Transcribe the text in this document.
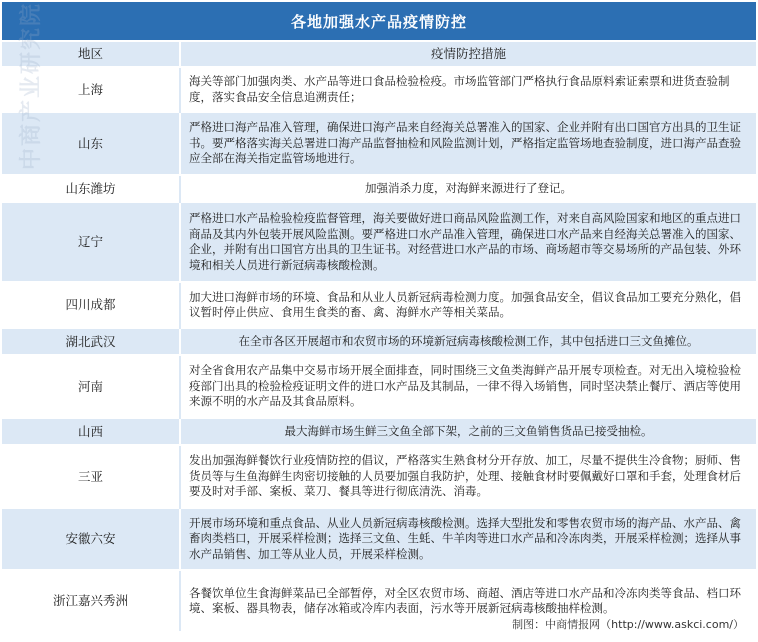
各地加强水产品疫情防控
地区	疫情防控措施
上海	海关等部门加强肉类、水产品等进口食品检验检疫。市场监管部门严格执行食品原料索证索票和进货查验制度，落实食品安全信息追溯责任；
山东	严格进口海产品准入管理，确保进口海产品来自经海关总署准入的国家、企业并附有出口国官方出具的卫生证书。要严格落实海关总署进口海产品监督抽检和风险监测计划，严格指定监管场地查验制度，进口海产品查验应全部在海关指定监管场地进行。
山东潍坊	加强消杀力度，对海鲜来源进行了登记。
辽宁	严格进口水产品检验检疫监督管理，海关要做好进口商品风险监测工作，对来自高风险国家和地区的重点进口商品及其内外包装开展风险监测。要严格进口水产品准入管理，确保进口水产品来自经海关总署准入的国家、企业，并附有出口国官方出具的卫生证书。对经营进口水产品的市场、商场超市等交易场所的产品包装、外环境和相关人员进行新冠病毒核酸检测。
四川成都	加大进口海鲜市场的环境、食品和从业人员新冠病毒检测力度。加强食品安全，倡议食品加工要充分熟化，倡议暂时停止供应、食用生食类的畜、禽、海鲜水产等相关菜品。
湖北武汉	在全市各区开展超市和农贸市场的环境新冠病毒核酸检测工作，其中包括进口三文鱼摊位。
河南	对全省食用农产品集中交易市场开展全面排查，同时围绕三文鱼类海鲜产品开展专项检查。对无出入境检验检疫部门出具的检验检疫证明文件的进口水产品及其制品，一律不得入场销售，同时坚决禁止餐厅、酒店等使用来源不明的水产品及其食品原料。
山西	最大海鲜市场生鲜三文鱼全部下架，之前的三文鱼销售货品已接受抽检。
三亚	发出加强海鲜餐饮行业疫情防控的倡议，严格落实生熟食材分开存放、加工，尽量不提供生冷食物；厨师、售货员等与生鱼海鲜生肉密切接触的人员要加强自我防护，处理、接触食材时要佩戴好口罩和手套，处理食材后要及时对手部、案板、菜刀、餐具等进行彻底清洗、消毒。
安徽六安	开展市场环境和重点食品、从业人员新冠病毒核酸检测。选择大型批发和零售农贸市场的海产品、水产品、禽畜肉类档口，开展采样检测；选择三文鱼、生蚝、牛羊肉等进口水产品和冷冻肉类，开展采样检测；选择从事水产品销售、加工等从业人员，开展采样检测。
浙江嘉兴秀洲	各餐饮单位生食海鲜菜品已全部暂停，对全区农贸市场、商超、酒店等进口水产品和冷冻肉类等食品、档口环境、案板、器具物表，储存冰箱或冷库内表面，污水等开展新冠病毒核酸抽样检测。
中商产业研究院
制图：中商情报网（http://www.askci.com/）
